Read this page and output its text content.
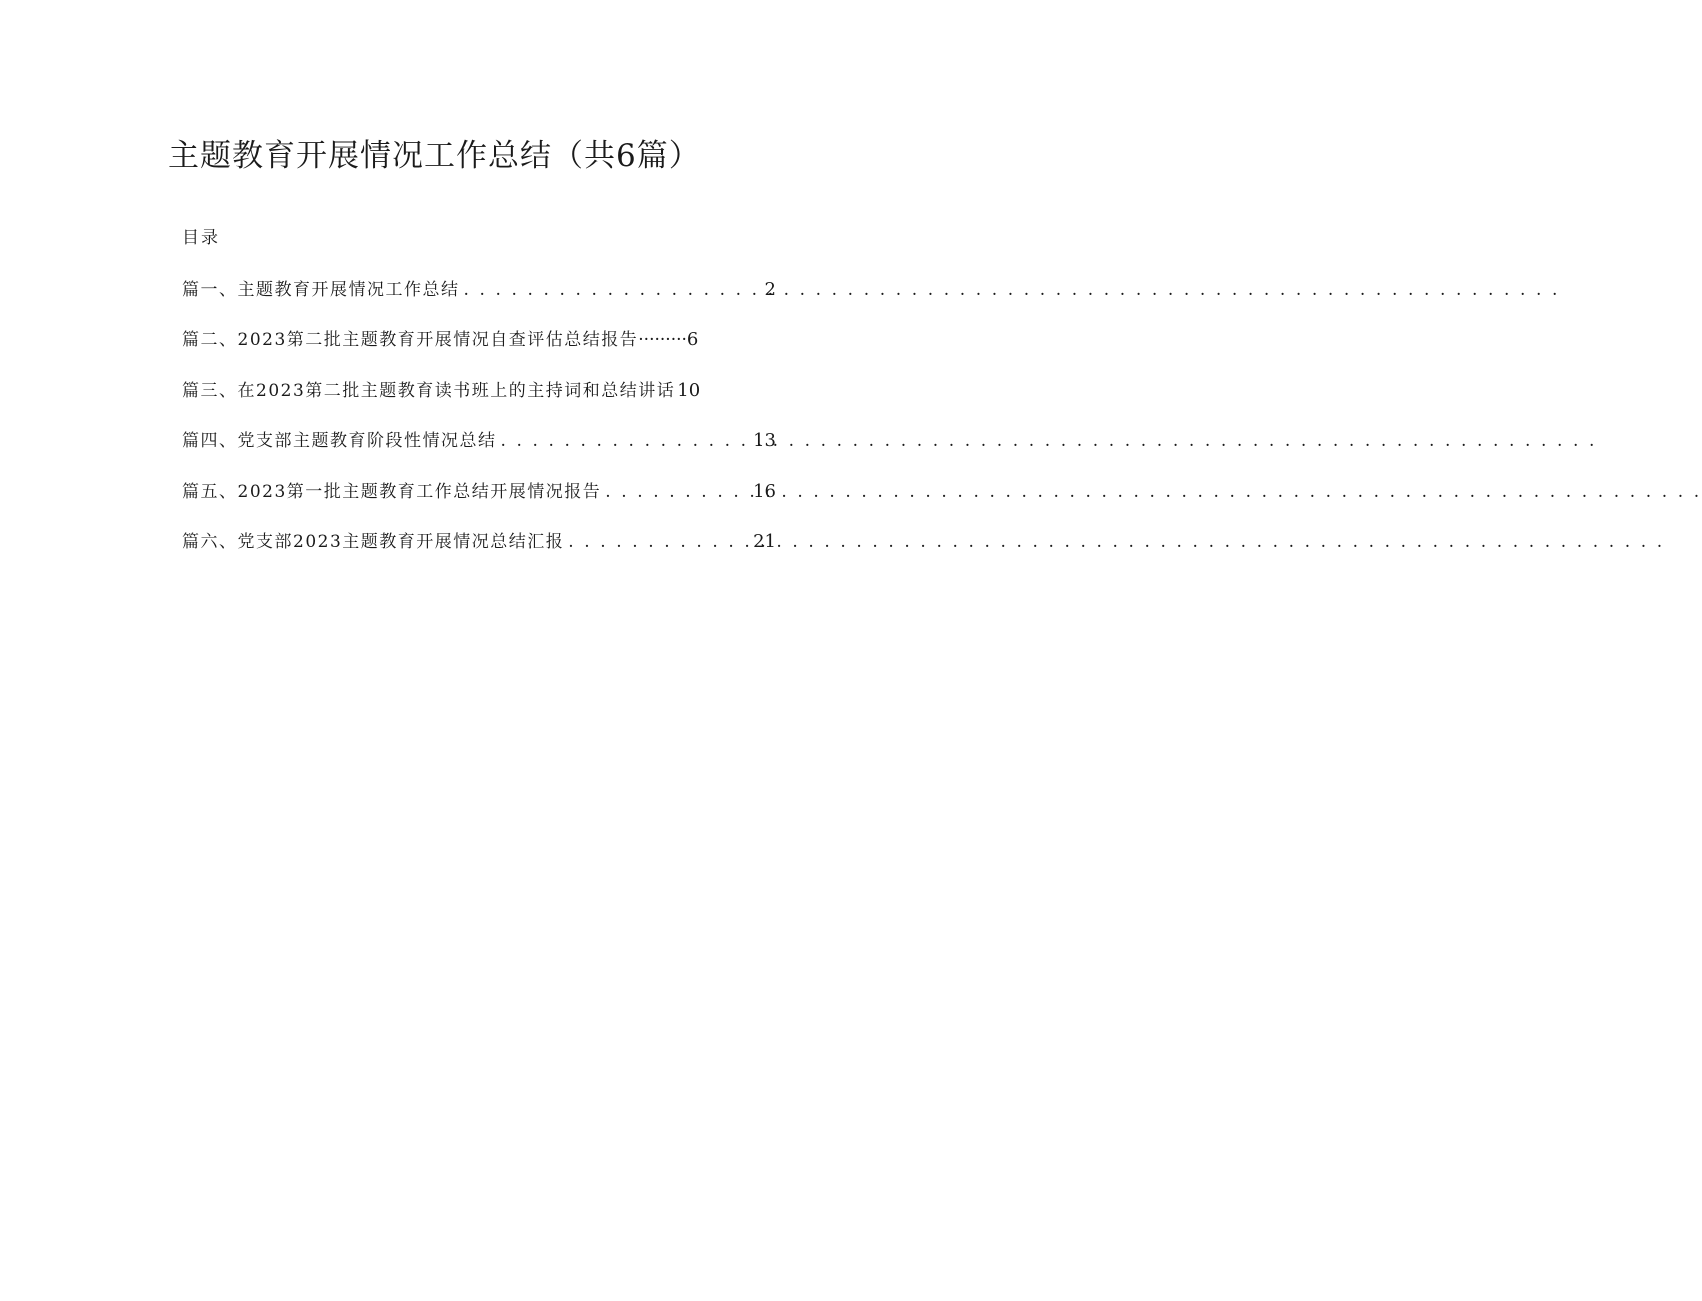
主题教育开展情况工作总结（共6篇）
目录
篇一、主题教育开展情况工作总结 . . .	2
篇二、2023第二批主题教育开展情况自查评估总结报告 ·····	6
篇三、在2023第二批主题教育读书班上的主持词和总结讲话 10
篇四、党支部主题教育阶段性情况总结 . . .	13
篇五、2023第一批主题教育工作总结开展情况报告 . . .	16
篇六、党支部2023主题教育开展情况总结汇报 . . .	21
